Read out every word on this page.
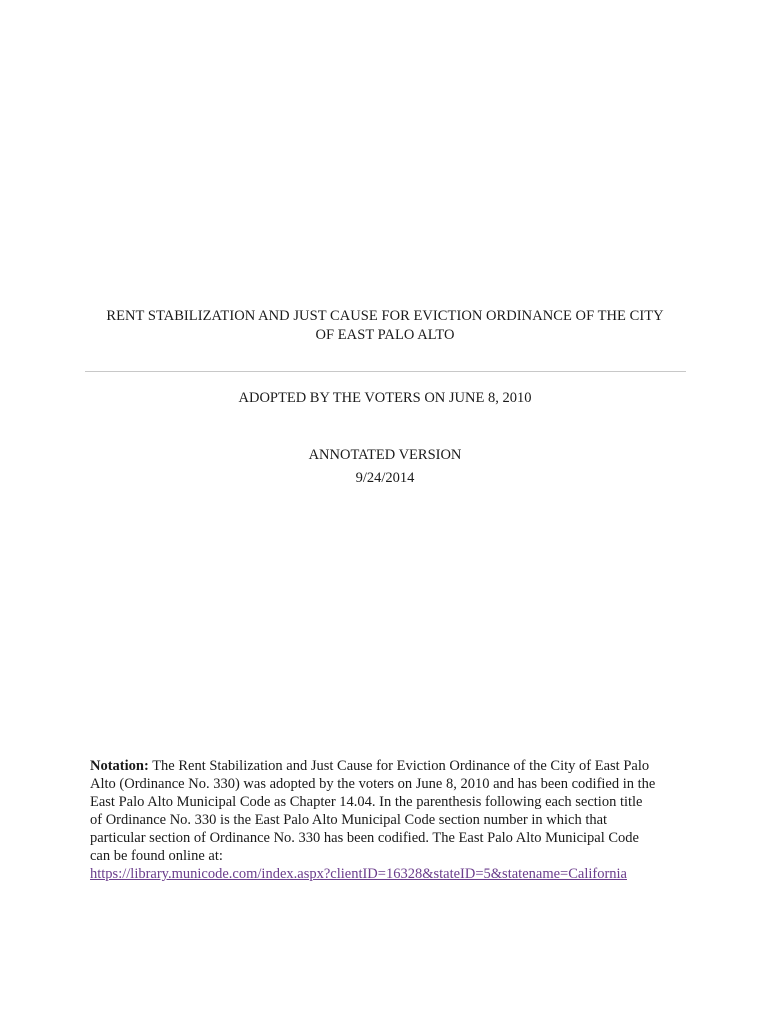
RENT STABILIZATION AND JUST CAUSE FOR EVICTION ORDINANCE OF THE CITY
OF EAST PALO ALTO
ADOPTED BY THE VOTERS ON JUNE 8, 2010
ANNOTATED VERSION
9/24/2014
Notation: The Rent Stabilization and Just Cause for Eviction Ordinance of the City of East Palo
Alto (Ordinance No. 330) was adopted by the voters on June 8, 2010 and has been codified in the
East Palo Alto Municipal Code as Chapter 14.04. In the parenthesis following each section title
of Ordinance No. 330 is the East Palo Alto Municipal Code section number in which that
particular section of Ordinance No. 330 has been codified. The East Palo Alto Municipal Code
can be found online at:
https://library.municode.com/index.aspx?clientID=16328&stateID=5&statename=California
